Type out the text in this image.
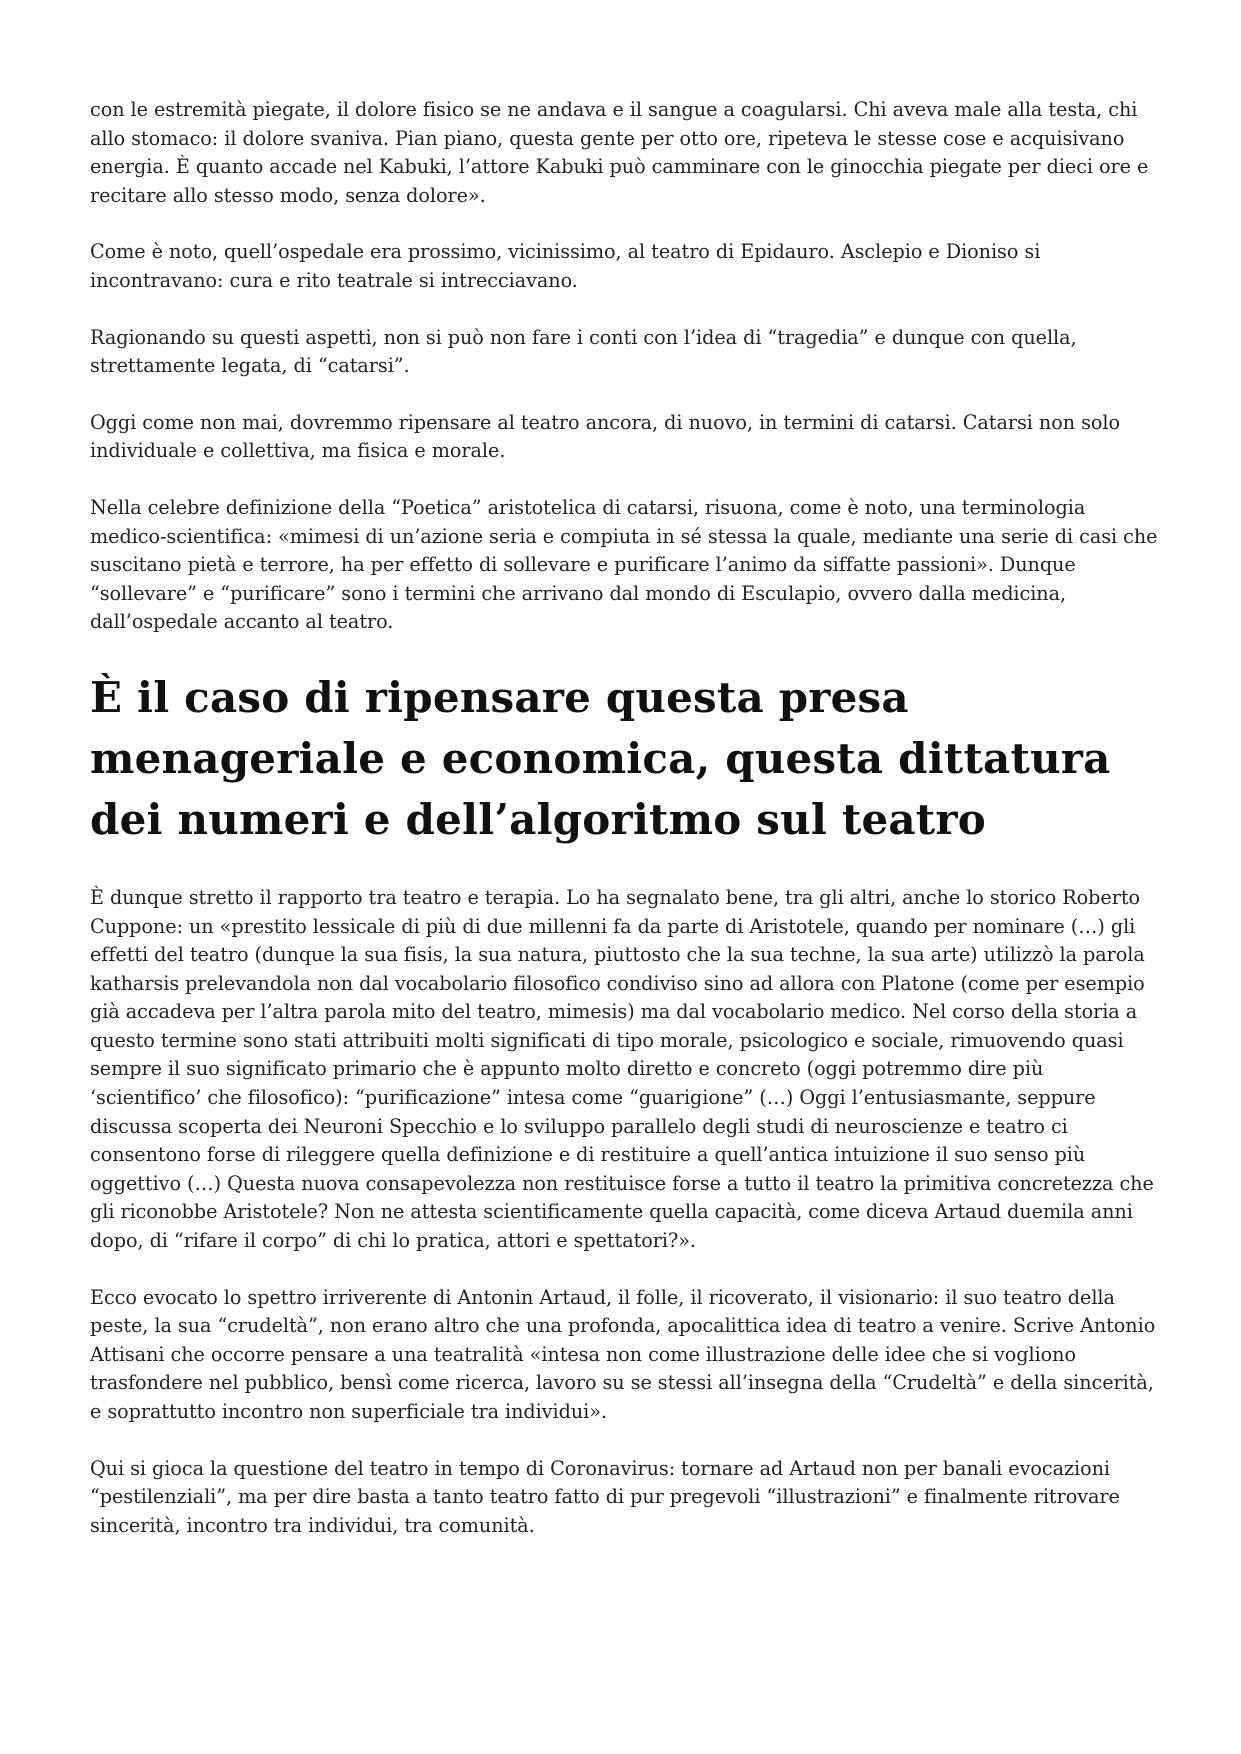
con le estremità piegate, il dolore fisico se ne andava e il sangue a coagularsi. Chi aveva male alla testa, chi allo stomaco: il dolore svaniva. Pian piano, questa gente per otto ore, ripeteva le stesse cose e acquisivano energia. È quanto accade nel Kabuki, l’attore Kabuki può camminare con le ginocchia piegate per dieci ore e recitare allo stesso modo, senza dolore».

Come è noto, quell’ospedale era prossimo, vicinissimo, al teatro di Epidauro. Asclepio e Dioniso si incontravano: cura e rito teatrale si intrecciavano.

Ragionando su questi aspetti, non si può non fare i conti con l’idea di “tragedia” e dunque con quella, strettamente legata, di “catarsi”.

Oggi come non mai, dovremmo ripensare al teatro ancora, di nuovo, in termini di catarsi. Catarsi non solo individuale e collettiva, ma fisica e morale.

Nella celebre definizione della “Poetica” aristotelica di catarsi, risuona, come è noto, una terminologia medico-scientifica: «mimesi di un’azione seria e compiuta in sé stessa la quale, mediante una serie di casi che suscitano pietà e terrore, ha per effetto di sollevare e purificare l’animo da siffatte passioni». Dunque “sollevare” e “purificare” sono i termini che arrivano dal mondo di Esculapio, ovvero dalla medicina, dall’ospedale accanto al teatro.

È il caso di ripensare questa presa menageriale e economica, questa dittatura dei numeri e dell’algoritmo sul teatro

È dunque stretto il rapporto tra teatro e terapia. Lo ha segnalato bene, tra gli altri, anche lo storico Roberto Cuppone: un «prestito lessicale di più di due millenni fa da parte di Aristotele, quando per nominare (…) gli effetti del teatro (dunque la sua fisis, la sua natura, piuttosto che la sua techne, la sua arte) utilizzò la parola katharsis prelevandola non dal vocabolario filosofico condiviso sino ad allora con Platone (come per esempio già accadeva per l’altra parola mito del teatro, mimesis) ma dal vocabolario medico. Nel corso della storia a questo termine sono stati attribuiti molti significati di tipo morale, psicologico e sociale, rimuovendo quasi sempre il suo significato primario che è appunto molto diretto e concreto (oggi potremmo dire più ‘scientifico’ che filosofico): “purificazione” intesa come “guarigione” (…) Oggi l’entusiasmante, seppure discussa scoperta dei Neuroni Specchio e lo sviluppo parallelo degli studi di neuroscienze e teatro ci consentono forse di rileggere quella definizione e di restituire a quell’antica intuizione il suo senso più oggettivo (…) Questa nuova consapevolezza non restituisce forse a tutto il teatro la primitiva concretezza che gli riconobbe Aristotele? Non ne attesta scientificamente quella capacità, come diceva Artaud duemila anni dopo, di “rifare il corpo” di chi lo pratica, attori e spettatori?».

Ecco evocato lo spettro irriverente di Antonin Artaud, il folle, il ricoverato, il visionario: il suo teatro della peste, la sua “crudeltà”, non erano altro che una profonda, apocalittica idea di teatro a venire. Scrive Antonio Attisani che occorre pensare a una teatralità «intesa non come illustrazione delle idee che si vogliono trasfondere nel pubblico, bensì come ricerca, lavoro su se stessi all’insegna della “Crudeltà” e della sincerità, e soprattutto incontro non superficiale tra individui».

Qui si gioca la questione del teatro in tempo di Coronavirus: tornare ad Artaud non per banali evocazioni “pestilenziali”, ma per dire basta a tanto teatro fatto di pur pregevoli “illustrazioni” e finalmente ritrovare sincerità, incontro tra individui, tra comunità.
